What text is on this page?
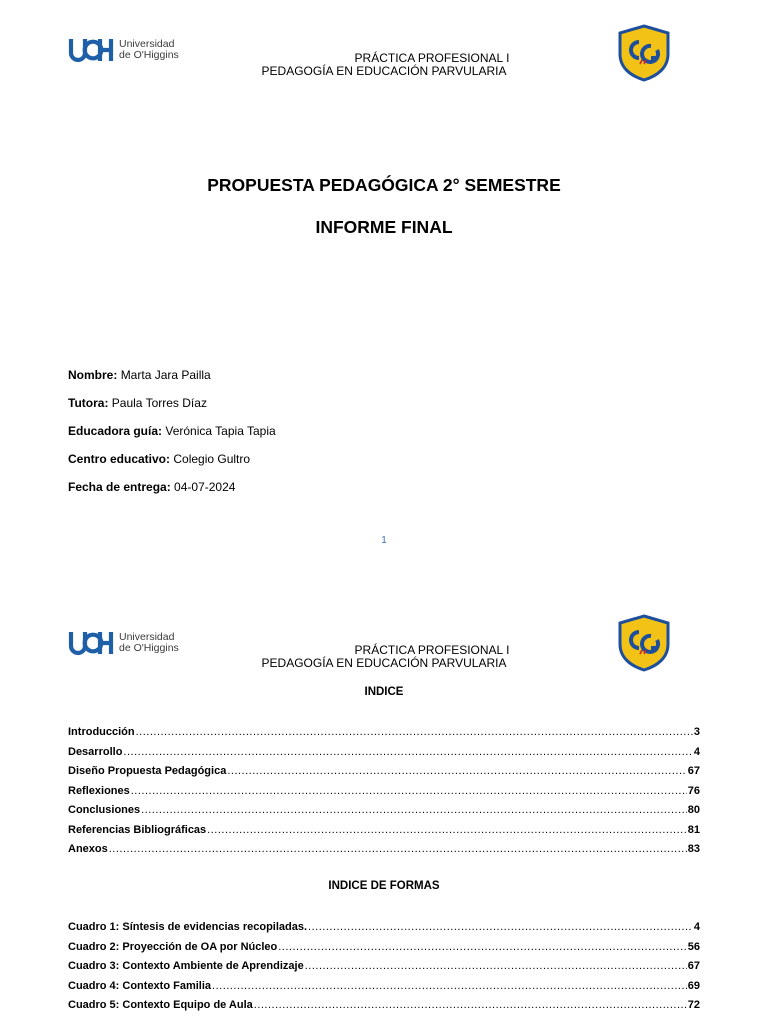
Universidad
de O'Higgins	PRÁCTICA PROFESIONAL I
PEDAGOGÍA EN EDUCACIÓN PARVULARIA
PROPUESTA PEDAGÓGICA 2° SEMESTRE
INFORME FINAL
Nombre: Marta Jara Pailla
Tutora: Paula Torres Díaz
Educadora guía: Verónica Tapia Tapia
Centro educativo: Colegio Gultro
Fecha de entrega: 04-07-2024
1
Universidad
de O'Higgins	PRÁCTICA PROFESIONAL I
PEDAGOGÍA EN EDUCACIÓN PARVULARIA
INDICE
Introducción .....	3
Desarrollo .....	4
Diseño Propuesta Pedagógica .....	67
Reflexiones .....	76
Conclusiones .....	80
Referencias Bibliográficas .....	81
Anexos .....	83
INDICE DE FORMAS
Cuadro 1: Síntesis de evidencias recopiladas. .....	4
Cuadro 2: Proyección de OA por Núcleo .....	56
Cuadro 3: Contexto Ambiente de Aprendizaje .....	67
Cuadro 4: Contexto Familia .....	69
Cuadro 5: Contexto Equipo de Aula .....	72
